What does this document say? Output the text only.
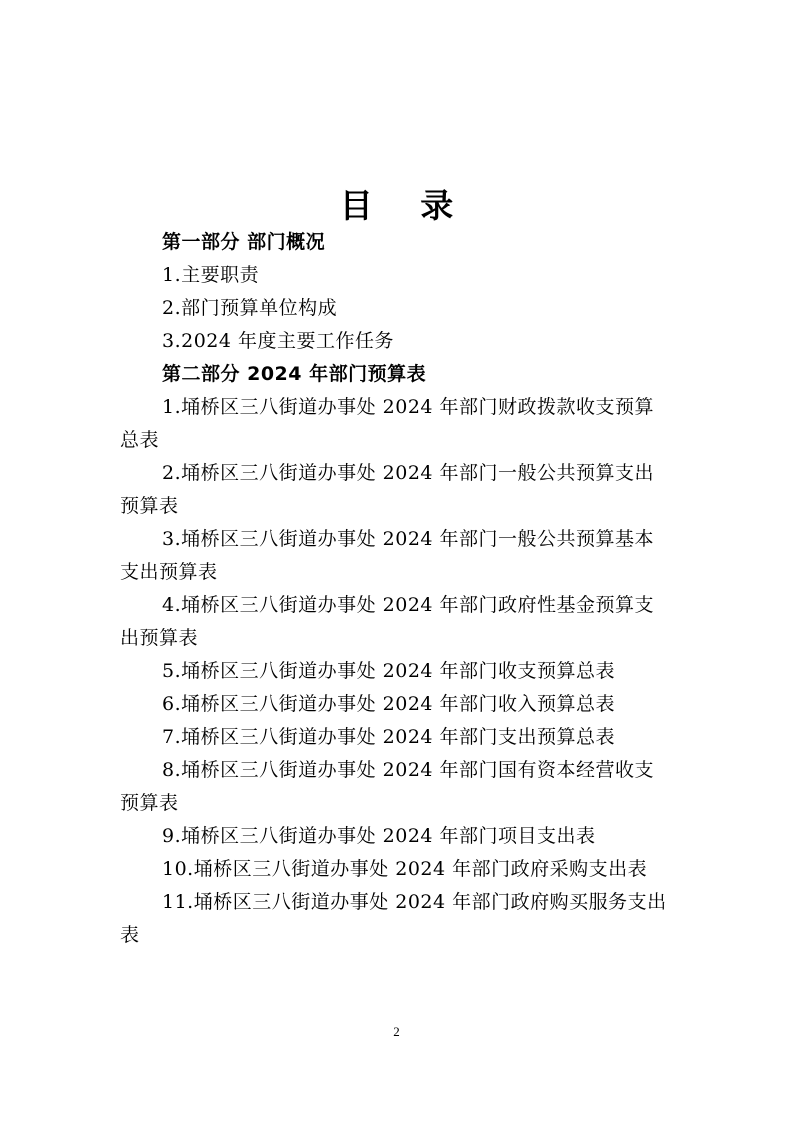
目 录
第一部分 部门概况
1.主要职责
2.部门预算单位构成
3.2024 年度主要工作任务
第二部分 2024 年部门预算表
1.埇桥区三八街道办事处 2024 年部门财政拨款收支预算
总表
2.埇桥区三八街道办事处 2024 年部门一般公共预算支出
预算表
3.埇桥区三八街道办事处 2024 年部门一般公共预算基本
支出预算表
4.埇桥区三八街道办事处 2024 年部门政府性基金预算支
出预算表
5.埇桥区三八街道办事处 2024 年部门收支预算总表
6.埇桥区三八街道办事处 2024 年部门收入预算总表
7.埇桥区三八街道办事处 2024 年部门支出预算总表
8.埇桥区三八街道办事处 2024 年部门国有资本经营收支
预算表
9.埇桥区三八街道办事处 2024 年部门项目支出表
10.埇桥区三八街道办事处 2024 年部门政府采购支出表
11.埇桥区三八街道办事处 2024 年部门政府购买服务支出
表
2
